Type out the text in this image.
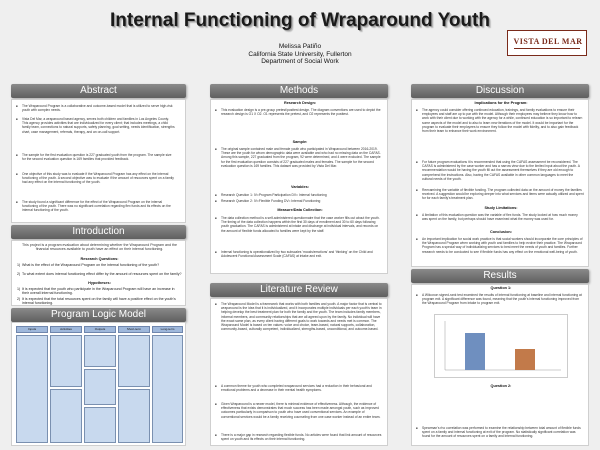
Internal Functioning of Wraparound Youth
Melissa Patiño
California State University, Fullerton
Department of Social Work
VISTA DEL MAR
Abstract
■ The Wraparound Program is a collaborative and outcome-based model that is utilized to serve high-risk youth with complex needs.
■ Vista Del Mar, a wraparound based agency, serves both children and families in Los Angeles County. This agency provides activities that are individualized for every client; that includes meetings, a child family team, connections to natural supports, safety planning, goal setting, needs identification, strengths chart, case management, referrals, therapy, and an on-call support.
■ The sample for the first evaluation question is 227 graduated youth from the program. The sample size for the second evaluation question is 169 families that provided feedback.
■ One objective of this study was to evaluate if the Wraparound Program has any effect on the internal functioning of the youth. A second objective was to evaluate if the amount of resources spent on a family had any effect on the internal functioning of the youth.
■ The study found a significant difference for the effect of the Wraparound Program on the internal functioning of the youth. There was no significant correlation regarding flex funds and its effects on the internal functioning of the youth.
Introduction
This project is a program evaluation about determining whether the Wraparound Program and the financial resources available to youth have an effect on their internal functioning.
Research Questions:
1) What is the effect of the Wraparound Program on the internal functioning of the youth?
2) To what extent does internal functioning effect differ by the amount of resources spent on the family?
Hypotheses:
1) It is expected that the youth who participate in the Wraparound Program will have an increase in their overall internal functioning.
2) It is expected that the total resources spent on the family will have a positive effect on the youth's internal functioning.
Program Logic Model
Inputs	Activities	Outputs	Short-term	Long-term
Methods
Research Design:
■ This evaluation design is a pre-group pretest/posttest design. The diagram conventions are used to depict the research design is O1 X O2. O1 represents the pretest, and O2 represents the posttest.
Sample:
■ The original sample contained male and female youth who participated in Wraparound between 2016-2019. These are the youth for whom demographic data were available and who had no missing data on the CAFAS. Among this sample, 227 graduated from the program, 92 were determined, and 4 were excluded. The sample for the first evaluation question consists of 227 graduated males and females. The sample for the second evaluation question is 169 families. This dataset was provided by Vista Del Mar.
Variables:
■ Research Question 1: IV=Program Participation DV= Internal functioning
■ Research Question 2: IV=Flexible Funding DV= Internal Functioning
Measure/Data Collection:
■ The data collection method is a self-administered questionnaire that the case worker fills out about the youth. The timing of the data collection happens within the first 30 days of enrollment and 30 to 60 days following youth graduation. The CAFAS is administered at intake and discharge at individual intervals, and records on the amount of flexible funds allocated to families were kept by the staff.
■ Internal functioning is operationalized by two subscales 'moods/emotions' and 'thinking' on the Child and Adolescent Functional Assessment Scale (CAFAS) at intake and exit.
Literature Review
■ The Wraparound Model is a framework that works with both families and youth. A major factor that is central to wraparound is the idea that it is individualized, and it incorporates multiple individuals per each youth's team in helping develop the best treatment plan for both the family and the youth. The team includes family members, informal members, and community relationships that are all agreed upon by the family. No individual will have the exact same plan, as every client having different goals to work towards and needs met is common. The Wraparound Model is based on ten values: voice and choice, team-based, natural supports, collaboration, community-based, culturally competent, individualized, strengths-based, unconditional, and outcome-based.
■ A common theme for youth who completed wraparound services had a reduction in their behavioral and emotional problems and a decrease in their mental health symptoms.
■ Given Wraparound is a newer model, there is minimal evidence of effectiveness. Although, the evidence of effectiveness that exists demonstrates that much success has been made amongst youth, such as improved outcomes particularly in comparison to youth who have used conventional services. An example of conventional services would be a family receiving counseling from one case worker instead of an entire team.
■ There is a major gap in research regarding flexible funds. No articles were found that link amount of resources spent on youth and its effects on their internal functioning.
Discussion
Implications for the Program:
■ The agency could consider offering continued education, trainings, and family evaluations to ensure their employees and staff are up to par with the model. Although their employees may believe they know how to work with their client due to working with the agency for a while, continued education is so important to relearn some aspects of the model and to also to learn new iterations of the model. It would be important for the program to evaluate their employees to ensure they follow the model with fidelity, and to also gain feedback from their team to enhance their work environment.
■ For future program evaluations it is recommended that using the CAFAS assessment be reconsidered. The CAFAS is administered by the case worker and has a narrow view due to the limited input about the youth. A recommendation would be having the youth fill out the assessment themselves if they are old enough to comprehend the instructions. Also, having the CAFAS available in other common languages to meet the cultural needs of the youth.
■ Reexamining the variable of flexible funding. The program collected data on the amount of money the families received. A suggestion would be exploring deeper into what services and items were actually utilized and spent for for each family's treatment plan.
Study Limitations:
■ A limitation of this evaluation question was the variable of flex funds. The study looked at how much money was spent on the family, but perhaps should have examined what the money was used for.
Conclusion:
■ An important implication for social work practice is that social workers should incorporate the core principles of the Wraparound Program when working with youth and families to help evolve their practice. The Wraparound Program has a special way of individualizing services to best meet the needs of youth and families. Further research needs to be conducted to see if flexible funds has any effect on the emotional well-being of youth.
Results
Question 1:
■ A Wilcoxon signed-rank test examined the results of internal functioning at baseline and internal functioning at program exit. A significant difference was found, meaning that the youth's internal functioning improved from the Wraparound Program from intake to program exit.
Question 2:
■ Spearman's rho correlation was performed to examine the relationship between total amount of flexible funds spent on a family and internal functioning at exit of the program. No statistically significant correlation was found for the amount of resources spent on a family and internal functioning.
